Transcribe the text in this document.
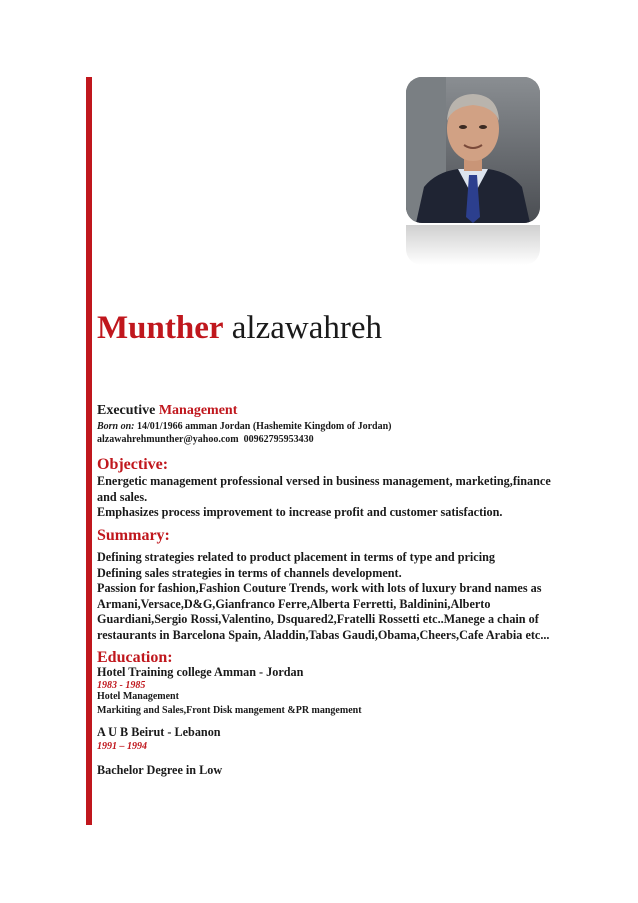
Munther alzawahreh
Executive Management
Born on: 14/01/1966 amman Jordan (Hashemite Kingdom of Jordan)
alzawahrehmunther@yahoo.com 00962795953430
Objective:
Energetic management professional versed in business management, marketing,finance
and sales.
Emphasizes process improvement to increase profit and customer satisfaction.
Summary:
Defining strategies related to product placement in terms of type and pricing
Defining sales strategies in terms of channels development.
Passion for fashion,Fashion Couture Trends, work with lots of luxury brand names as
Armani,Versace,D&G,Gianfranco Ferre,Alberta Ferretti, Baldinini,Alberto
Guardiani,Sergio Rossi,Valentino, Dsquared2,Fratelli Rossetti etc..Manege a chain of
restaurants in Barcelona Spain, Aladdin,Tabas Gaudi,Obama,Cheers,Cafe Arabia etc...
Education:
Hotel Training college Amman - Jordan
1983 - 1985
Hotel Management
Markiting and Sales,Front Disk mangement &PR mangement
A U B Beirut - Lebanon
1991 – 1994
Bachelor Degree in Low
